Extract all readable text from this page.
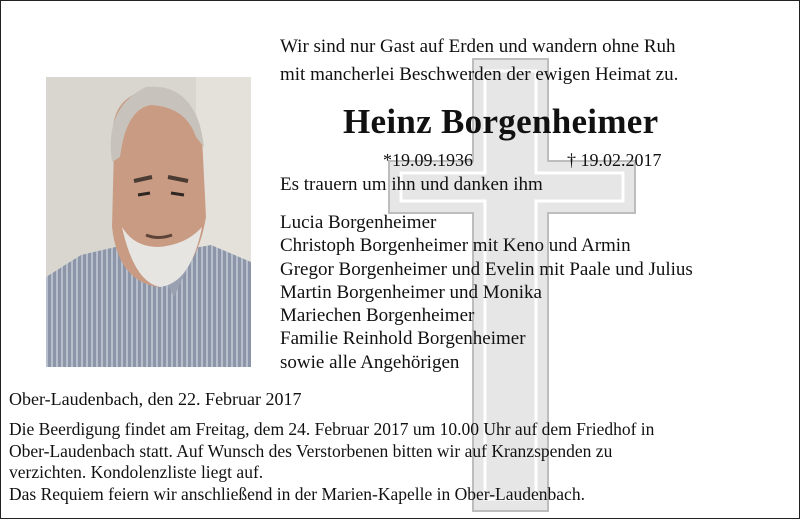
Wir sind nur Gast auf Erden und wandern ohne Ruh
mit mancherlei Beschwerden der ewigen Heimat zu.
Heinz Borgenheimer
*19.09.1936	† 19.02.2017
Es trauern um ihn und danken ihm
Lucia Borgenheimer
Christoph Borgenheimer mit Keno und Armin
Gregor Borgenheimer und Evelin mit Paale und Julius
Martin Borgenheimer und Monika
Mariechen Borgenheimer
Familie Reinhold Borgenheimer
sowie alle Angehörigen
Ober-Laudenbach, den 22. Februar 2017
Die Beerdigung findet am Freitag, dem 24. Februar 2017 um 10.00 Uhr auf dem Friedhof in
Ober-Laudenbach statt. Auf Wunsch des Verstorbenen bitten wir auf Kranzspenden zu
verzichten. Kondolenzliste liegt auf.
Das Requiem feiern wir anschließend in der Marien-Kapelle in Ober-Laudenbach.
